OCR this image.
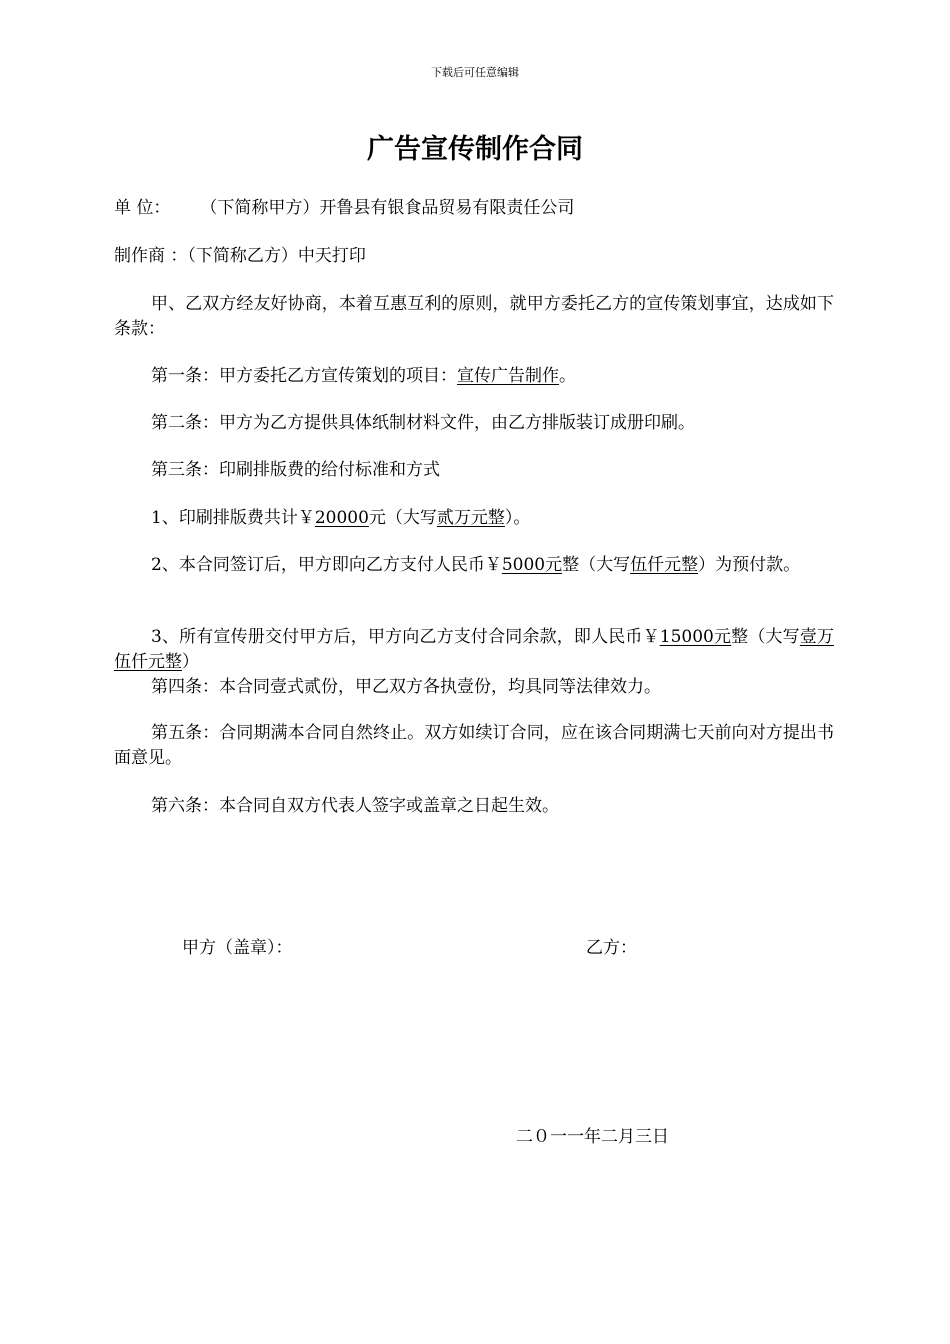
下载后可任意编辑
广告宣传制作合同
单 位： （下简称甲方）开鲁县有银食品贸易有限责任公司
制作商 ：（下简称乙方）中天打印
甲、乙双方经友好协商，本着互惠互利的原则，就甲方委托乙方的宣传策划事宜，达成如下条款：
第一条：甲方委托乙方宣传策划的项目：宣传广告制作。
第二条：甲方为乙方提供具体纸制材料文件，由乙方排版装订成册印刷。
第三条：印刷排版费的给付标准和方式
1、印刷排版费共计￥20000元（大写贰万元整）。
2、本合同签订后，甲方即向乙方支付人民币￥5000元整（大写伍仟元整）为预付款。
3、所有宣传册交付甲方后，甲方向乙方支付合同余款，即人民币￥15000元整（大写壹万伍仟元整）
第四条：本合同壹式贰份，甲乙双方各执壹份，均具同等法律效力。
第五条：合同期满本合同自然终止。双方如续订合同，应在该合同期满七天前向对方提出书面意见。
第六条：本合同自双方代表人签字或盖章之日起生效。
甲方（盖章）：	乙方：
二０一一年二月三日
